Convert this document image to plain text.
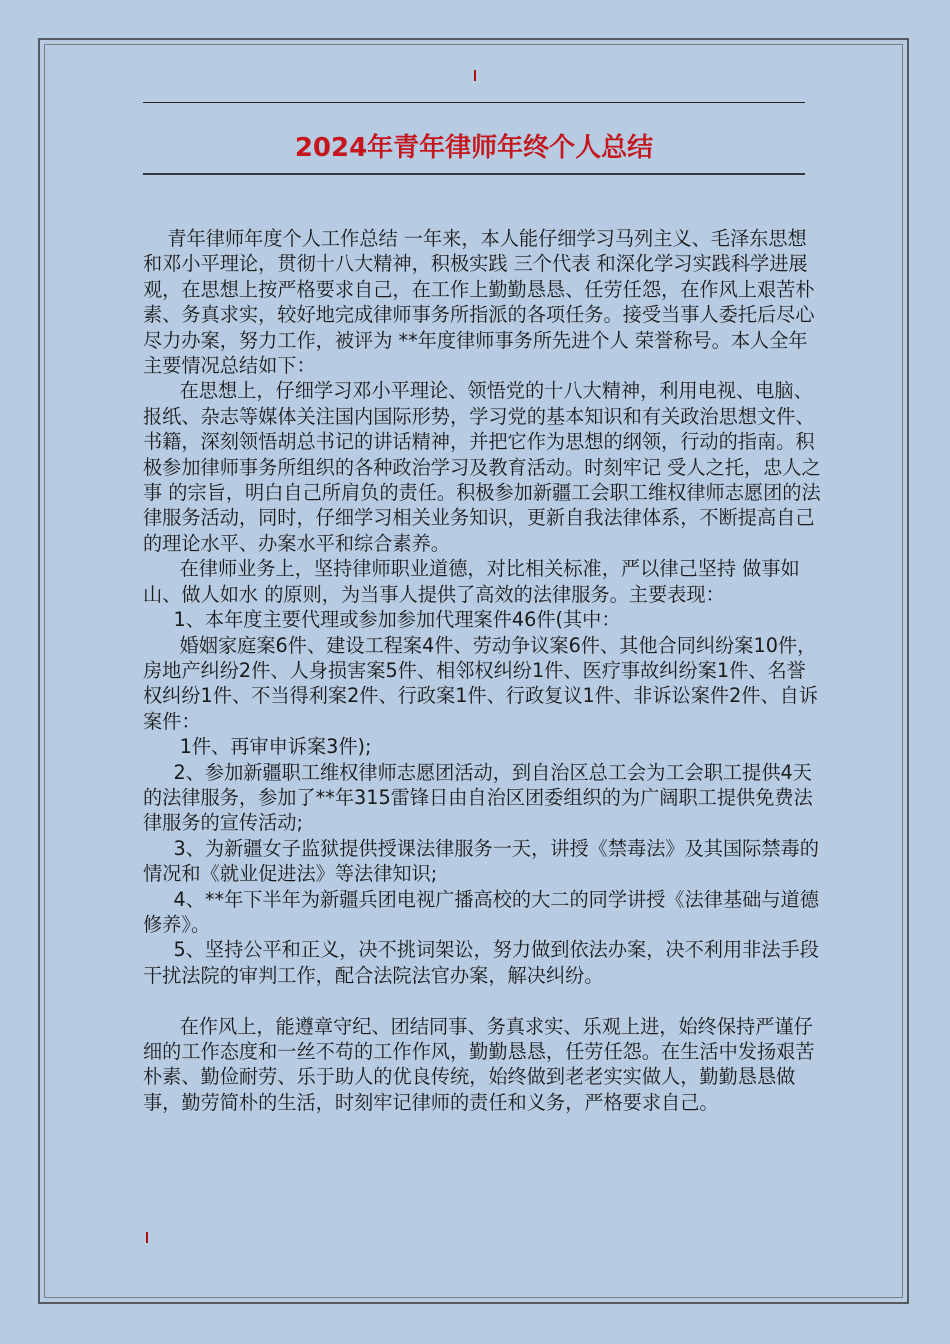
2024年青年律师年终个人总结

青年律师年度个人工作总结 一年来，本人能仔细学习马列主义、毛泽东思想和邓小平理论，贯彻十八大精神，积极实践 三个代表 和深化学习实践科学进展观，在思想上按严格要求自己，在工作上勤勤恳恳、任劳任怨，在作风上艰苦朴素、务真求实，较好地完成律师事务所指派的各项任务。接受当事人委托后尽心尽力办案，努力工作，被评为 **年度律师事务所先进个人 荣誉称号。本人全年主要情况总结如下：

在思想上，仔细学习邓小平理论、领悟党的十八大精神，利用电视、电脑、报纸、杂志等媒体关注国内国际形势，学习党的基本知识和有关政治思想文件、书籍，深刻领悟胡总书记的讲话精神，并把它作为思想的纲领，行动的指南。积极参加律师事务所组织的各种政治学习及教育活动。时刻牢记 受人之托，忠人之事 的宗旨，明白自己所肩负的责任。积极参加新疆工会职工维权律师志愿团的法律服务活动，同时，仔细学习相关业务知识，更新自我法律体系，不断提高自己的理论水平、办案水平和综合素养。

在律师业务上，坚持律师职业道德，对比相关标准，严以律己坚持 做事如山、做人如水 的原则，为当事人提供了高效的法律服务。主要表现：

1、本年度主要代理或参加参加代理案件46件(其中：

婚姻家庭案6件、建设工程案4件、劳动争议案6件、其他合同纠纷案10件，房地产纠纷2件、人身损害案5件、相邻权纠纷1件、医疗事故纠纷案1件、名誉权纠纷1件、不当得利案2件、行政案1件、行政复议1件、非诉讼案件2件、自诉案件：

1件、再审申诉案3件);

2、参加新疆职工维权律师志愿团活动，到自治区总工会为工会职工提供4天的法律服务，参加了**年315雷锋日由自治区团委组织的为广阔职工提供免费法律服务的宣传活动;

3、为新疆女子监狱提供授课法律服务一天，讲授《禁毒法》及其国际禁毒的情况和《就业促进法》等法律知识;

4、**年下半年为新疆兵团电视广播高校的大二的同学讲授《法律基础与道德修养》。

5、坚持公平和正义，决不挑词架讼，努力做到依法办案，决不利用非法手段干扰法院的审判工作，配合法院法官办案，解决纠纷。

在作风上，能遵章守纪、团结同事、务真求实、乐观上进，始终保持严谨仔细的工作态度和一丝不苟的工作作风，勤勤恳恳，任劳任怨。在生活中发扬艰苦朴素、勤俭耐劳、乐于助人的优良传统，始终做到老老实实做人，勤勤恳恳做事，勤劳简朴的生活，时刻牢记律师的责任和义务，严格要求自己。
